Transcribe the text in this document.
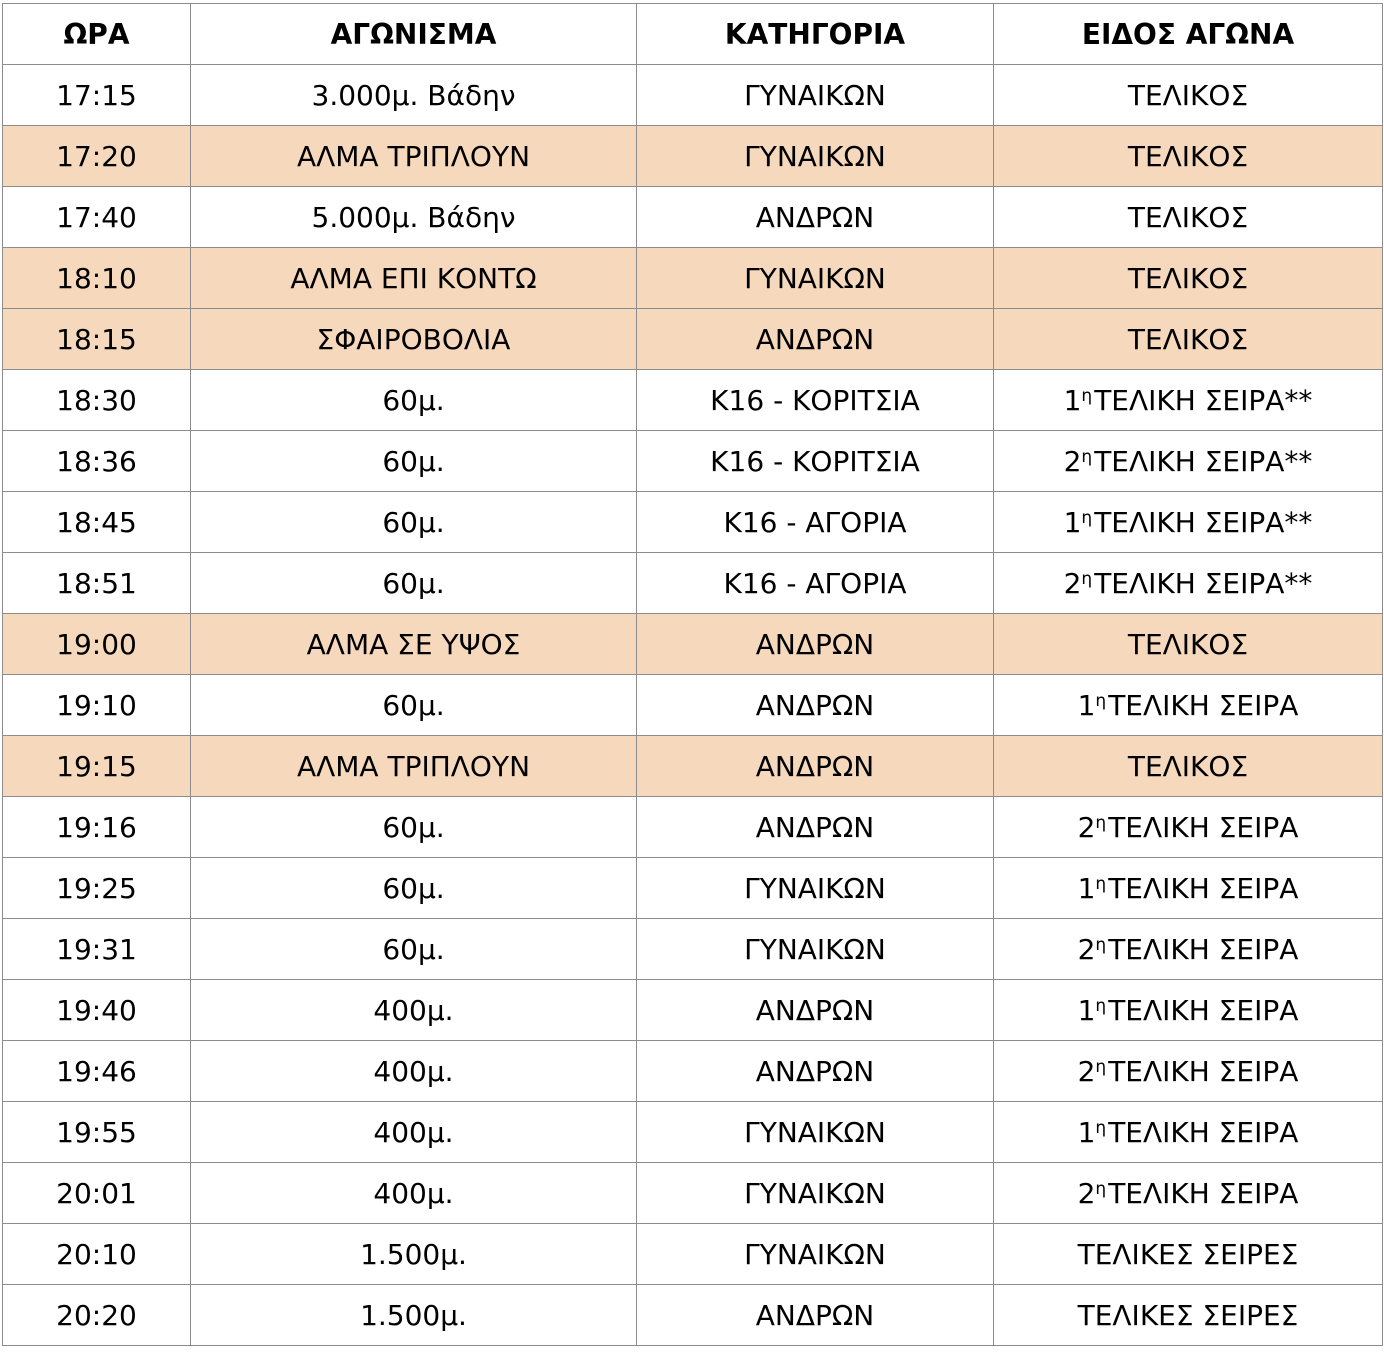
ΩΡΑ	ΑΓΩΝΙΣΜΑ	ΚΑΤΗΓΟΡΙΑ	ΕΙΔΟΣ ΑΓΩΝΑ
17:15	3.000μ. Βάδην	ΓΥΝΑΙΚΩΝ	ΤΕΛΙΚΟΣ
17:20	ΑΛΜΑ ΤΡΙΠΛΟΥΝ	ΓΥΝΑΙΚΩΝ	ΤΕΛΙΚΟΣ
17:40	5.000μ. Βάδην	ΑΝΔΡΩΝ	ΤΕΛΙΚΟΣ
18:10	ΑΛΜΑ ΕΠΙ ΚΟΝΤΩ	ΓΥΝΑΙΚΩΝ	ΤΕΛΙΚΟΣ
18:15	ΣΦΑΙΡΟΒΟΛΙΑ	ΑΝΔΡΩΝ	ΤΕΛΙΚΟΣ
18:30	60μ.	Κ16 - ΚΟΡΙΤΣΙΑ	$1^\eta TE\Lambda IKH$ ΣΕΙΡΑ**
18:36	60μ.	Κ16 - ΚΟΡΙΤΣΙΑ	$2^\eta TE\Lambda IKH$ ΣΕΙΡΑ**
18:45	60μ.	Κ16 - ΑΓΟΡΙΑ	$1^\eta TE\Lambda IKH$ ΣΕΙΡΑ**
18:51	60μ.	Κ16 - ΑΓΟΡΙΑ	$2^\eta TE\Lambda IKH$ ΣΕΙΡΑ**
19:00	ΑΛΜΑ ΣΕ ΥΨΟΣ	ΑΝΔΡΩΝ	ΤΕΛΙΚΟΣ
19:10	60μ.	ΑΝΔΡΩΝ	$1^\eta TE\Lambda IKH$ ΣΕΙΡΑ
19:15	ΑΛΜΑ ΤΡΙΠΛΟΥΝ	ΑΝΔΡΩΝ	ΤΕΛΙΚΟΣ
19:16	60μ.	ΑΝΔΡΩΝ	$2^\eta TE\Lambda IKH$ ΣΕΙΡΑ
19:25	60μ.	ΓΥΝΑΙΚΩΝ	$1^\eta TE\Lambda IKH$ ΣΕΙΡΑ
19:31	60μ.	ΓΥΝΑΙΚΩΝ	$2^\eta TE\Lambda IKH$ ΣΕΙΡΑ
19:40	400μ.	ΑΝΔΡΩΝ	$1^\eta TE\Lambda IKH$ ΣΕΙΡΑ
19:46	400μ.	ΑΝΔΡΩΝ	$2^\eta TE\Lambda IKH$ ΣΕΙΡΑ
19:55	400μ.	ΓΥΝΑΙΚΩΝ	$1^\eta TE\Lambda IKH$ ΣΕΙΡΑ
20:01	400μ.	ΓΥΝΑΙΚΩΝ	$2^\eta TE\Lambda IKH$ ΣΕΙΡΑ
20:10	1.500μ.	ΓΥΝΑΙΚΩΝ	ΤΕΛΙΚΕΣ ΣΕΙΡΕΣ
20:20	1.500μ.	ΑΝΔΡΩΝ	ΤΕΛΙΚΕΣ ΣΕΙΡΕΣ
